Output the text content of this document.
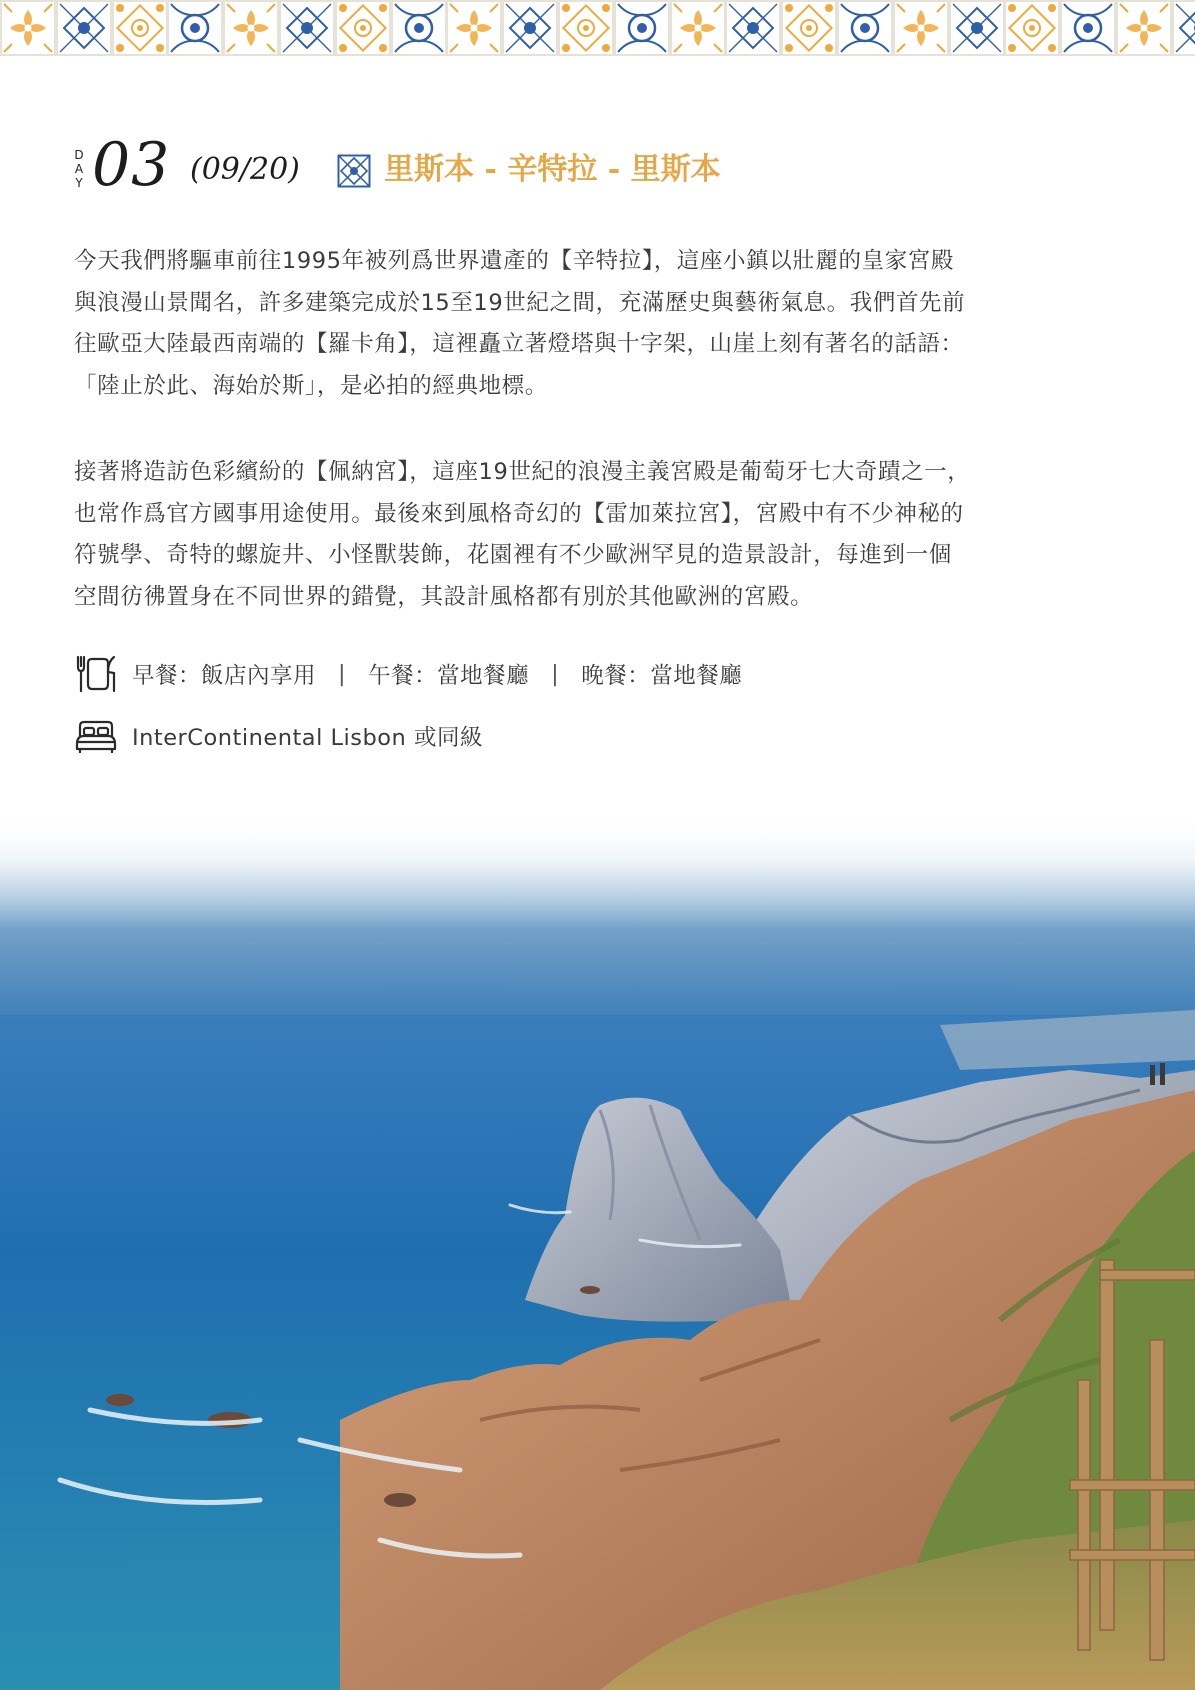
D
A
Y 03 (09/20)	里斯本 - 辛特拉 - 里斯本

今天我們將驅車前往1995年被列爲世界遺產的【辛特拉】，這座小鎮以壯麗的皇家宮殿
與浪漫山景聞名，許多建築完成於15至19世紀之間，充滿歷史與藝術氣息。我們首先前
往歐亞大陸最西南端的【羅卡角】，這裡矗立著燈塔與十字架，山崖上刻有著名的話語：
「陸止於此、海始於斯」，是必拍的經典地標。

接著將造訪色彩繽紛的【佩納宮】，這座19世紀的浪漫主義宮殿是葡萄牙七大奇蹟之一，
也常作爲官方國事用途使用。最後來到風格奇幻的【雷加萊拉宮】，宮殿中有不少神秘的
符號學、奇特的螺旋井、小怪獸裝飾，花園裡有不少歐洲罕見的造景設計，每進到一個
空間彷彿置身在不同世界的錯覺，其設計風格都有別於其他歐洲的宮殿。

早餐：飯店內享用 | 午餐：當地餐廳 | 晚餐：當地餐廳
InterContinental Lisbon 或同級
